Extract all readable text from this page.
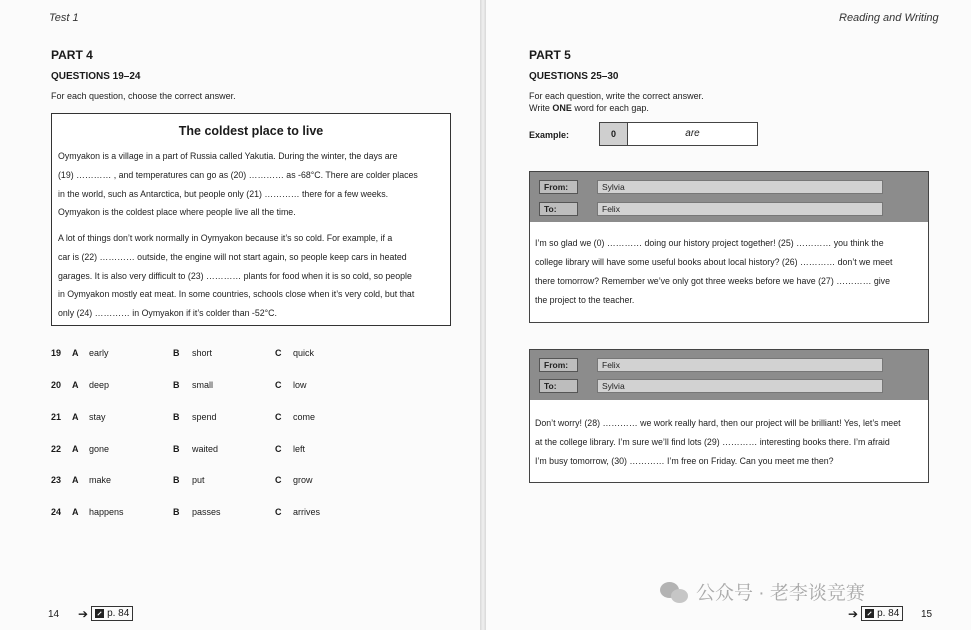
Test 1
PART 4
QUESTIONS 19–24
For each question, choose the correct answer.
The coldest place to live
Oymyakon is a village in a part of Russia called Yakutia. During the winter, the days are
(19) ………… , and temperatures can go as (20) ………… as -68°C. There are colder places
in the world, such as Antarctica, but people only (21) ………… there for a few weeks.
Oymyakon is the coldest place where people live all the time.
A lot of things don’t work normally in Oymyakon because it’s so cold. For example, if a
car is (22) ………… outside, the engine will not start again, so people keep cars in heated
garages. It is also very difficult to (23) ………… plants for food when it is so cold, so people
in Oymyakon mostly eat meat. In some countries, schools close when it’s very cold, but that
only (24) ………… in Oymyakon if it’s colder than -52°C.
19 A early	B short	C quick
20 A deep	B small	C low
21 A stay	B spend	C come
22 A gone	B waited	C left
23 A make	B put	C grow
24 A happens	B passes	C arrives
14 ➔ p. 84
Reading and Writing
PART 5
QUESTIONS 25–30
For each question, write the correct answer.
Write ONE word for each gap.
Example:	0	are
From:	Sylvia
To:	Felix
I’m so glad we (0) ………… doing our history project together! (25) ………… you think the
college library will have some useful books about local history? (26) ………… don’t we meet
there tomorrow? Remember we’ve only got three weeks before we have (27) ………… give
the project to the teacher.
From:	Felix
To:	Sylvia
Don’t worry! (28) ………… we work really hard, then our project will be brilliant! Yes, let’s meet
at the college library. I’m sure we’ll find lots (29) ………… interesting books there. I’m afraid
I’m busy tomorrow, (30) ………… I’m free on Friday. Can you meet me then?
公众号 · 老李谈竞赛
➔ p. 84 15
